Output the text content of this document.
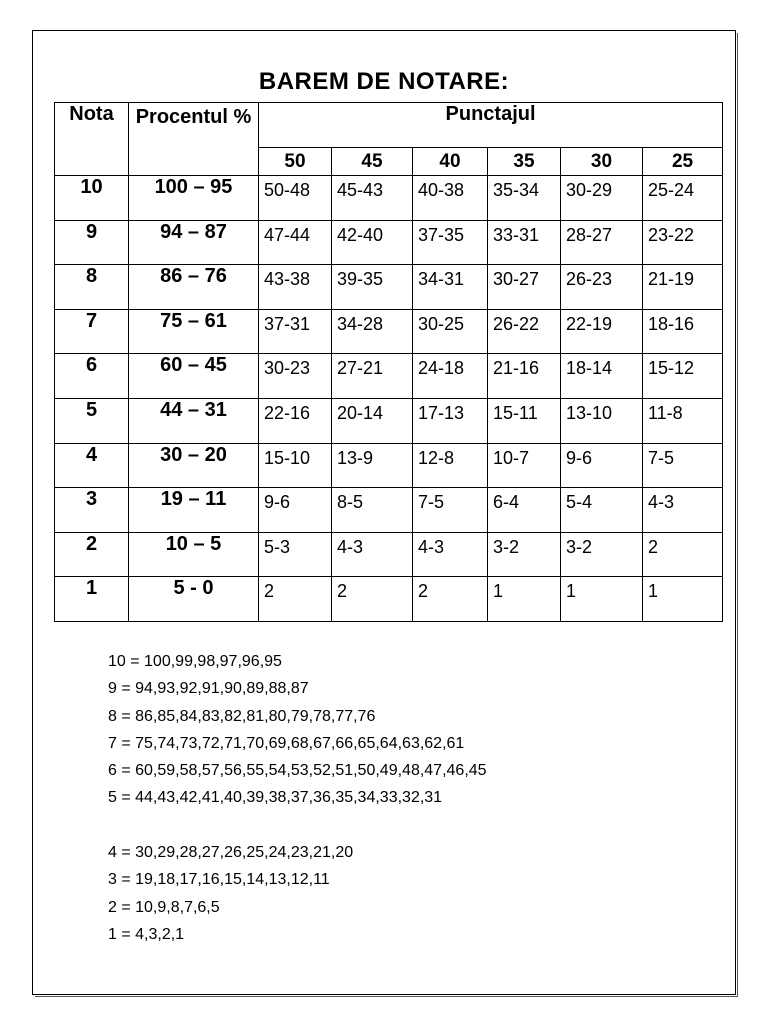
BAREM DE NOTARE:
Nota	Procentul %	Punctajul					
		50	45	40	35	30	25
10	100 – 95	50-48	45-43	40-38	35-34	30-29	25-24
9	94 – 87	47-44	42-40	37-35	33-31	28-27	23-22
8	86 – 76	43-38	39-35	34-31	30-27	26-23	21-19
7	75 – 61	37-31	34-28	30-25	26-22	22-19	18-16
6	60 – 45	30-23	27-21	24-18	21-16	18-14	15-12
5	44 – 31	22-16	20-14	17-13	15-11	13-10	11-8
4	30 – 20	15-10	13-9	12-8	10-7	9-6	7-5
3	19 – 11	9-6	8-5	7-5	6-4	5-4	4-3
2	10 – 5	5-3	4-3	4-3	3-2	3-2	2
1	5 - 0	2	2	2	1	1	1
10 = 100,99,98,97,96,95
9 = 94,93,92,91,90,89,88,87
8 = 86,85,84,83,82,81,80,79,78,77,76
7 = 75,74,73,72,71,70,69,68,67,66,65,64,63,62,61
6 = 60,59,58,57,56,55,54,53,52,51,50,49,48,47,46,45
5 = 44,43,42,41,40,39,38,37,36,35,34,33,32,31
4 = 30,29,28,27,26,25,24,23,21,20
3 = 19,18,17,16,15,14,13,12,11
2 = 10,9,8,7,6,5
1 = 4,3,2,1
